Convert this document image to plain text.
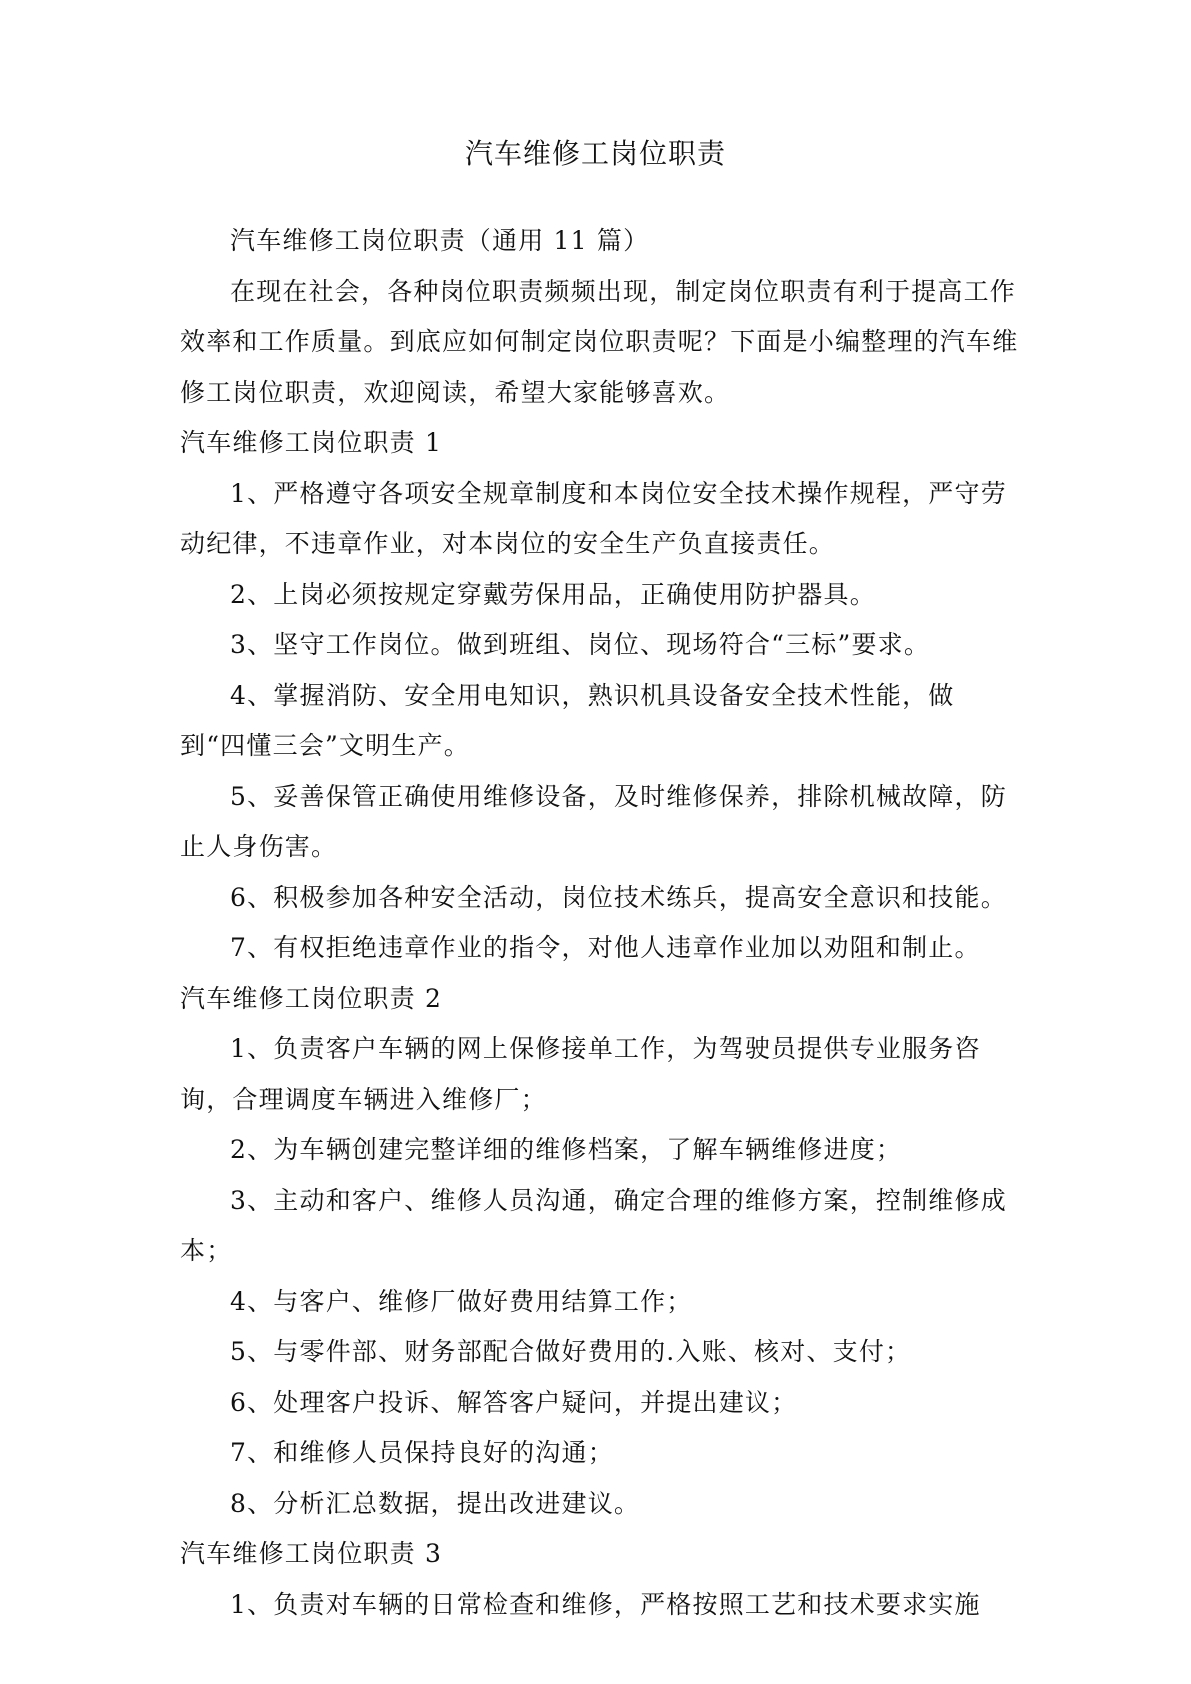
汽车维修工岗位职责

汽车维修工岗位职责（通用 11 篇）

在现在社会，各种岗位职责频频出现，制定岗位职责有利于提高工作效率和工作质量。到底应如何制定岗位职责呢？下面是小编整理的汽车维修工岗位职责，欢迎阅读，希望大家能够喜欢。

汽车维修工岗位职责 1

1、严格遵守各项安全规章制度和本岗位安全技术操作规程，严守劳动纪律，不违章作业，对本岗位的安全生产负直接责任。

2、上岗必须按规定穿戴劳保用品，正确使用防护器具。

3、坚守工作岗位。做到班组、岗位、现场符合“三标”要求。

4、掌握消防、安全用电知识，熟识机具设备安全技术性能，做到“四懂三会”文明生产。

5、妥善保管正确使用维修设备，及时维修保养，排除机械故障，防止人身伤害。

6、积极参加各种安全活动，岗位技术练兵，提高安全意识和技能。

7、有权拒绝违章作业的指令，对他人违章作业加以劝阻和制止。

汽车维修工岗位职责 2

1、负责客户车辆的网上保修接单工作，为驾驶员提供专业服务咨询，合理调度车辆进入维修厂；

2、为车辆创建完整详细的维修档案，了解车辆维修进度；

3、主动和客户、维修人员沟通，确定合理的维修方案，控制维修成本；

4、与客户、维修厂做好费用结算工作；

5、与零件部、财务部配合做好费用的.入账、核对、支付；

6、处理客户投诉、解答客户疑问，并提出建议；

7、和维修人员保持良好的沟通；

8、分析汇总数据，提出改进建议。

汽车维修工岗位职责 3

1、负责对车辆的日常检查和维修，严格按照工艺和技术要求实施
